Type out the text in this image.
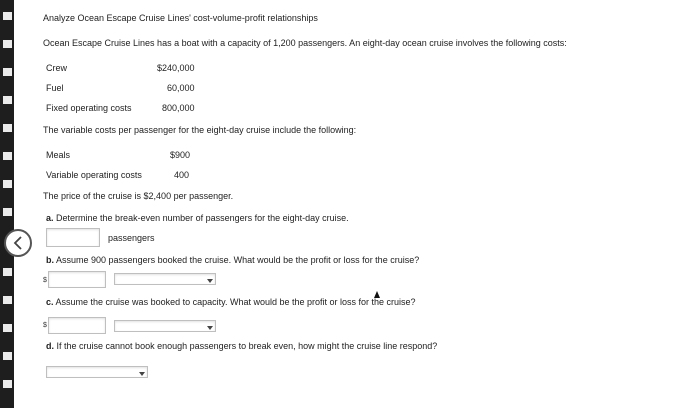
Analyze Ocean Escape Cruise Lines' cost-volume-profit relationships
Ocean Escape Cruise Lines has a boat with a capacity of 1,200 passengers. An eight-day ocean cruise involves the following costs:
Crew	$240,000
Fuel	60,000
Fixed operating costs	800,000
The variable costs per passenger for the eight-day cruise include the following:
Meals	$900
Variable operating costs	400
The price of the cruise is $2,400 per passenger.
a. Determine the break-even number of passengers for the eight-day cruise.
passengers
b. Assume 900 passengers booked the cruise. What would be the profit or loss for the cruise?
$
c. Assume the cruise was booked to capacity. What would be the profit or loss for the cruise?
$
d. If the cruise cannot book enough passengers to break even, how might the cruise line respond?
